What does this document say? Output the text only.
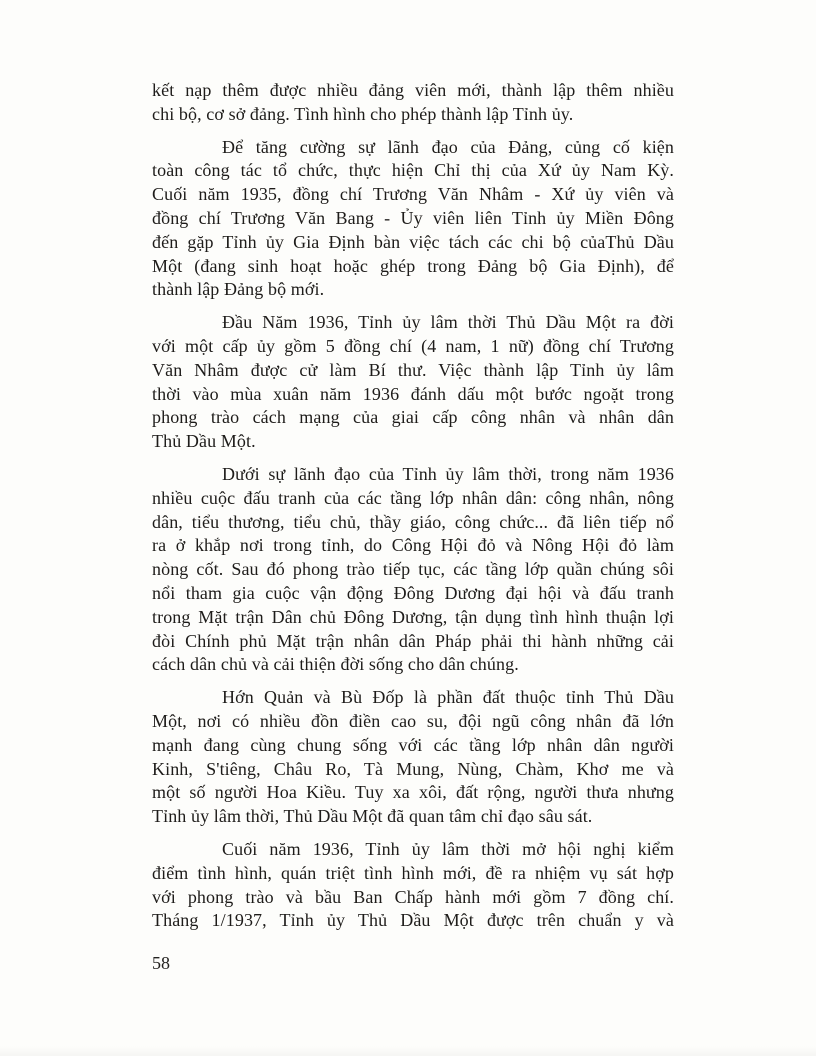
kết nạp thêm được nhiều đảng viên mới, thành lập thêm nhiều
chi bộ, cơ sở đảng. Tình hình cho phép thành lập Tỉnh ủy.
Để tăng cường sự lãnh đạo của Đảng, củng cố kiện
toàn công tác tổ chức, thực hiện Chỉ thị của Xứ ủy Nam Kỳ.
Cuối năm 1935, đồng chí Trương Văn Nhâm - Xứ ủy viên và
đồng chí Trương Văn Bang - Ủy viên liên Tỉnh ủy Miền Đông
đến gặp Tỉnh ủy Gia Định bàn việc tách các chi bộ củaThủ Dầu
Một (đang sinh hoạt hoặc ghép trong Đảng bộ Gia Định), để
thành lập Đảng bộ mới.
Đầu Năm 1936, Tỉnh ủy lâm thời Thủ Dầu Một ra đời
với một cấp ủy gồm 5 đồng chí (4 nam, 1 nữ) đồng chí Trương
Văn Nhâm được cử làm Bí thư. Việc thành lập Tỉnh ủy lâm
thời vào mùa xuân năm 1936 đánh dấu một bước ngoặt trong
phong trào cách mạng của giai cấp công nhân và nhân dân
Thủ Dầu Một.
Dưới sự lãnh đạo của Tỉnh ủy lâm thời, trong năm 1936
nhiều cuộc đấu tranh của các tầng lớp nhân dân: công nhân, nông
dân, tiểu thương, tiểu chủ, thầy giáo, công chức... đã liên tiếp nổ
ra ở khắp nơi trong tỉnh, do Công Hội đỏ và Nông Hội đỏ làm
nòng cốt. Sau đó phong trào tiếp tục, các tầng lớp quần chúng sôi
nổi tham gia cuộc vận động Đông Dương đại hội và đấu tranh
trong Mặt trận Dân chủ Đông Dương, tận dụng tình hình thuận lợi
đòi Chính phủ Mặt trận nhân dân Pháp phải thi hành những cải
cách dân chủ và cải thiện đời sống cho dân chúng.
Hớn Quản và Bù Đốp là phần đất thuộc tỉnh Thủ Dầu
Một, nơi có nhiều đồn điền cao su, đội ngũ công nhân đã lớn
mạnh đang cùng chung sống với các tầng lớp nhân dân người
Kinh, S'tiêng, Châu Ro, Tà Mung, Nùng, Chàm, Khơ me và
một số người Hoa Kiều. Tuy xa xôi, đất rộng, người thưa nhưng
Tỉnh ủy lâm thời, Thủ Dầu Một đã quan tâm chỉ đạo sâu sát.
Cuối năm 1936, Tỉnh ủy lâm thời mở hội nghị kiểm
điểm tình hình, quán triệt tình hình mới, đề ra nhiệm vụ sát hợp
với phong trào và bầu Ban Chấp hành mới gồm 7 đồng chí.
Tháng 1/1937, Tỉnh ủy Thủ Dầu Một được trên chuẩn y và
58
